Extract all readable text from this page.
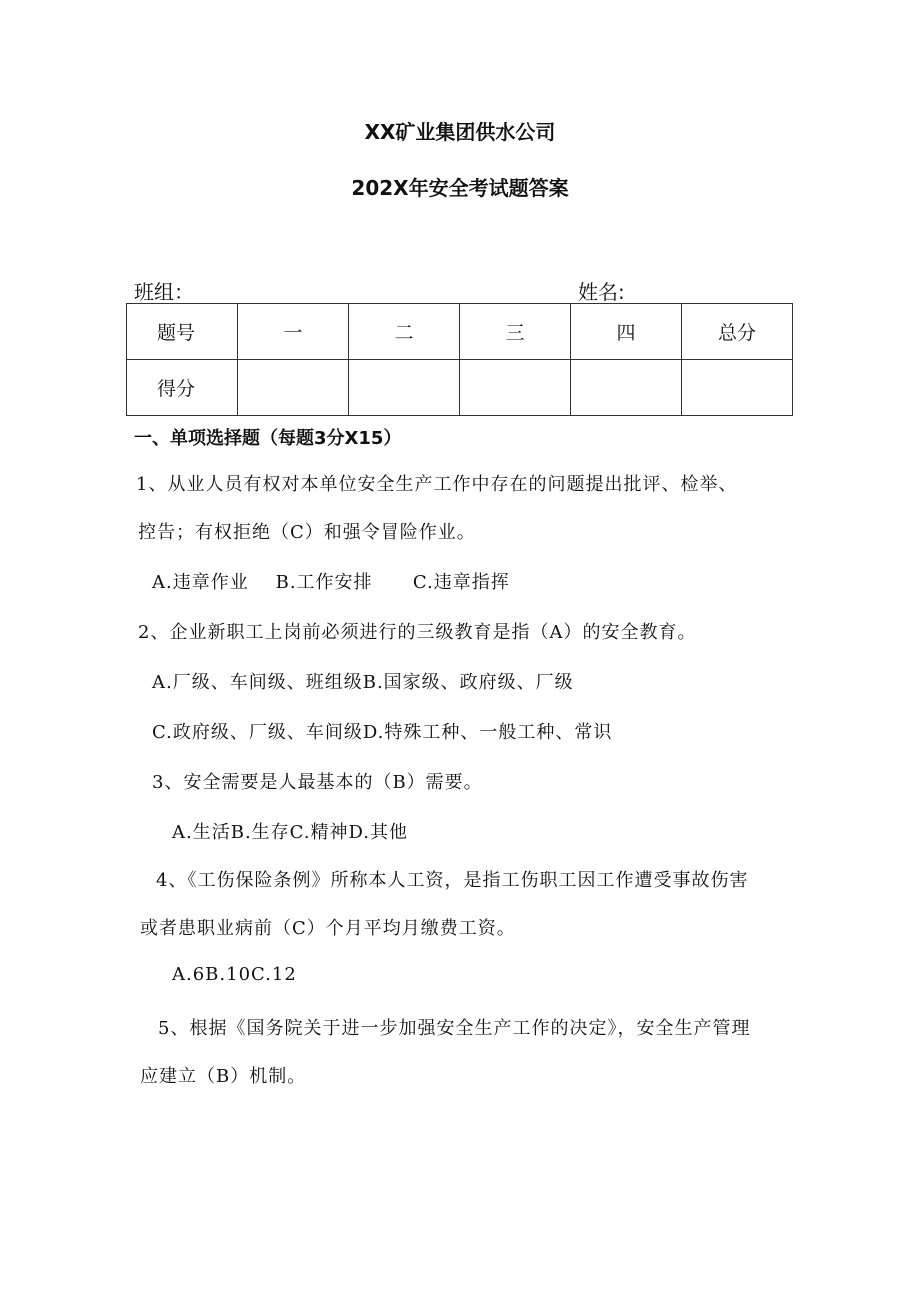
XX矿业集团供水公司
202X年安全考试题答案
班组：	姓名:
题号	一	二	三	四	总分
得分					
一、单项选择题（每题3分X15）
1、从业人员有权对本单位安全生产工作中存在的问题提出批评、检举、
控告；有权拒绝（C）和强令冒险作业。
A.违章作业    B.工作安排      C.违章指挥
2、企业新职工上岗前必须进行的三级教育是指（A）的安全教育。
A.厂级、车间级、班组级B.国家级、政府级、厂级
C.政府级、厂级、车间级D.特殊工种、一般工种、常识
3、安全需要是人最基本的（B）需要。
A.生活B.生存C.精神D.其他
4、《工伤保险条例》所称本人工资，是指工伤职工因工作遭受事故伤害
或者患职业病前（C）个月平均月缴费工资。
A.6B.10C.12
5、根据《国务院关于进一步加强安全生产工作的决定》，安全生产管理
应建立（B）机制。
